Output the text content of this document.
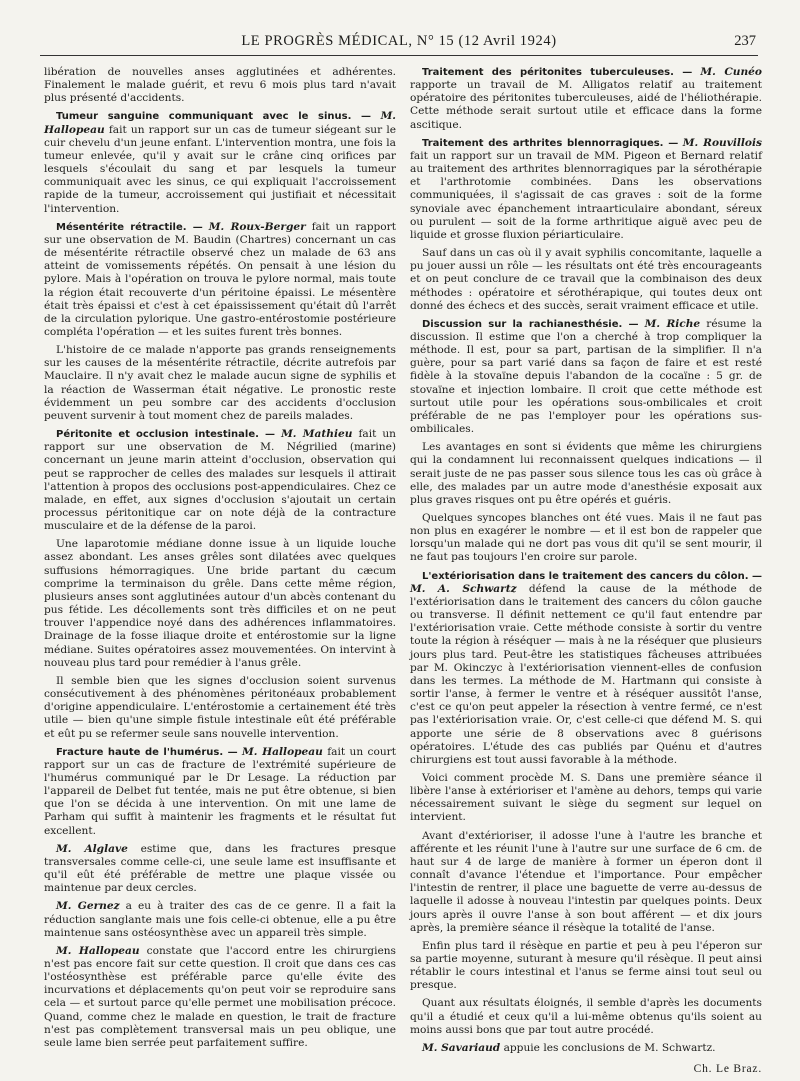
LE PROGRÈS MÉDICAL, N° 15 (12 Avril 1924)	237

libération de nouvelles anses agglutinées et adhérentes. Finalement le malade guérit, et revu 6 mois plus tard n'avait plus présenté d'accidents.

Tumeur sanguine communiquant avec le sinus. — M. Hallopeau fait un rapport sur un cas de tumeur siégeant sur le cuir chevelu d'un jeune enfant. L'intervention montra, une fois la tumeur enlevée, qu'il y avait sur le crâne cinq orifices par lesquels s'écoulait du sang et par lesquels la tumeur communiquait avec les sinus, ce qui expliquait l'accroissement rapide de la tumeur, accroissement qui justifiait et nécessitait l'intervention.

Mésentérite rétractile. — M. Roux-Berger fait un rapport sur une observation de M. Baudin (Chartres) concernant un cas de mésentérite rétractile observé chez un malade de 63 ans atteint de vomissements répétés. On pensait à une lésion du pylore. Mais à l'opération on trouva le pylore normal, mais toute la région était recouverte d'un péritoine épaissi. Le mésentère était très épaissi et c'est à cet épaississement qu'était dû l'arrêt de la circulation pylorique. Une gastro-entérostomie postérieure compléta l'opération — et les suites furent très bonnes.

L'histoire de ce malade n'apporte pas grands renseignements sur les causes de la mésentérite rétractile, décrite autrefois par Mauclaire. Il n'y avait chez le malade aucun signe de syphilis et la réaction de Wasserman était négative. Le pronostic reste évidemment un peu sombre car des accidents d'occlusion peuvent survenir à tout moment chez de pareils malades.

Péritonite et occlusion intestinale. — M. Mathieu fait un rapport sur une observation de M. Négrilied (marine) concernant un jeune marin atteint d'occlusion, observation qui peut se rapprocher de celles des malades sur lesquels il attirait l'attention à propos des occlusions post-appendiculaires. Chez ce malade, en effet, aux signes d'occlusion s'ajoutait un certain processus péritonitique car on note déjà de la contracture musculaire et de la défense de la paroi.

Une laparotomie médiane donne issue à un liquide louche assez abondant. Les anses grêles sont dilatées avec quelques suffusions hémorragiques. Une bride partant du cæcum comprime la terminaison du grêle. Dans cette même région, plusieurs anses sont agglutinées autour d'un abcès contenant du pus fétide. Les décollements sont très difficiles et on ne peut trouver l'appendice noyé dans des adhérences inflammatoires. Drainage de la fosse iliaque droite et entérostomie sur la ligne médiane. Suites opératoires assez mouvementées. On intervint à nouveau plus tard pour remédier à l'anus grêle.

Il semble bien que les signes d'occlusion soient survenus consécutivement à des phénomènes péritonéaux probablement d'origine appendiculaire. L'entérostomie a certainement été très utile — bien qu'une simple fistule intestinale eût été préférable et eût pu se refermer seule sans nouvelle intervention.

Fracture haute de l'humérus. — M. Hallopeau fait un court rapport sur un cas de fracture de l'extrémité supérieure de l'humérus communiqué par le Dr Lesage. La réduction par l'appareil de Delbet fut tentée, mais ne put être obtenue, si bien que l'on se décida à une intervention. On mit une lame de Parham qui suffit à maintenir les fragments et le résultat fut excellent.

M. Alglave estime que, dans les fractures presque transversales comme celle-ci, une seule lame est insuffisante et qu'il eût été préférable de mettre une plaque vissée ou maintenue par deux cercles.

M. Gernez a eu à traiter des cas de ce genre. Il a fait la réduction sanglante mais une fois celle-ci obtenue, elle a pu être maintenue sans ostéosynthèse avec un appareil très simple.

M. Hallopeau constate que l'accord entre les chirurgiens n'est pas encore fait sur cette question. Il croit que dans ces cas l'ostéosynthèse est préférable parce qu'elle évite des incurvations et déplacements qu'on peut voir se reproduire sans cela — et surtout parce qu'elle permet une mobilisation précoce. Quand, comme chez le malade en question, le trait de fracture n'est pas complètement transversal mais un peu oblique, une seule lame bien serrée peut parfaitement suffire.

Traitement des péritonites tuberculeuses. — M. Cunéo rapporte un travail de M. Alligatos relatif au traitement opératoire des péritonites tuberculeuses, aidé de l'héliothérapie. Cette méthode serait surtout utile et efficace dans la forme ascitique.

Traitement des arthrites blennorragiques. — M. Rouvillois fait un rapport sur un travail de MM. Pigeon et Bernard relatif au traitement des arthrites blennorragiques par la sérothérapie et l'arthrotomie combinées. Dans les observations communiquées, il s'agissait de cas graves : soit de la forme synoviale avec épanchement intraarticulaire abondant, séreux ou purulent — soit de la forme arthritique aiguë avec peu de liquide et grosse fluxion périarticulaire.

Sauf dans un cas où il y avait syphilis concomitante, laquelle a pu jouer aussi un rôle — les résultats ont été très encourageants et on peut conclure de ce travail que la combinaison des deux méthodes : opératoire et sérothérapique, qui toutes deux ont donné des échecs et des succès, serait vraiment efficace et utile.

Discussion sur la rachianesthésie. — M. Riche résume la discussion. Il estime que l'on a cherché à trop compliquer la méthode. Il est, pour sa part, partisan de la simplifier. Il n'a guère, pour sa part varié dans sa façon de faire et est resté fidèle à la stovaïne depuis l'abandon de la cocaïne : 5 gr. de stovaïne et injection lombaire. Il croit que cette méthode est surtout utile pour les opérations sous-ombilicales et croit préférable de ne pas l'employer pour les opérations sus-ombilicales.

Les avantages en sont si évidents que même les chirurgiens qui la condamnent lui reconnaissent quelques indications — il serait juste de ne pas passer sous silence tous les cas où grâce à elle, des malades par un autre mode d'anesthésie exposait aux plus graves risques ont pu être opérés et guéris.

Quelques syncopes blanches ont été vues. Mais il ne faut pas non plus en exagérer le nombre — et il est bon de rappeler que lorsqu'un malade qui ne dort pas vous dit qu'il se sent mourir, il ne faut pas toujours l'en croire sur parole.

L'extériorisation dans le traitement des cancers du côlon. — M. A. Schwartz défend la cause de la méthode de l'extériorisation dans le traitement des cancers du côlon gauche ou transverse. Il définit nettement ce qu'il faut entendre par l'extériorisation vraie. Cette méthode consiste à sortir du ventre toute la région à réséquer — mais à ne la réséquer que plusieurs jours plus tard. Peut-être les statistiques fâcheuses attribuées par M. Okinczyc à l'extériorisation viennent-elles de confusion dans les termes. La méthode de M. Hartmann qui consiste à sortir l'anse, à fermer le ventre et à réséquer aussitôt l'anse, c'est ce qu'on peut appeler la résection à ventre fermé, ce n'est pas l'extériorisation vraie. Or, c'est celle-ci que défend M. S. qui apporte une série de 8 observations avec 8 guérisons opératoires. L'étude des cas publiés par Quénu et d'autres chirurgiens est tout aussi favorable à la méthode.

Voici comment procède M. S. Dans une première séance il libère l'anse à extérioriser et l'amène au dehors, temps qui varie nécessairement suivant le siège du segment sur lequel on intervient.

Avant d'extérioriser, il adosse l'une à l'autre les branche et afférente et les réunit l'une à l'autre sur une surface de 6 cm. de haut sur 4 de large de manière à former un éperon dont il connaît d'avance l'étendue et l'importance. Pour empêcher l'intestin de rentrer, il place une baguette de verre au-dessus de laquelle il adosse à nouveau l'intestin par quelques points. Deux jours après il ouvre l'anse à son bout afférent — et dix jours après, la première séance il résèque la totalité de l'anse.

Enfin plus tard il résèque en partie et peu à peu l'éperon sur sa partie moyenne, suturant à mesure qu'il résèque. Il peut ainsi rétablir le cours intestinal et l'anus se ferme ainsi tout seul ou presque.

Quant aux résultats éloignés, il semble d'après les documents qu'il a étudié et ceux qu'il a lui-même obtenus qu'ils soient au moins aussi bons que par tout autre procédé.

M. Savariaud appuie les conclusions de M. Schwartz.

Ch. Le Braz.
